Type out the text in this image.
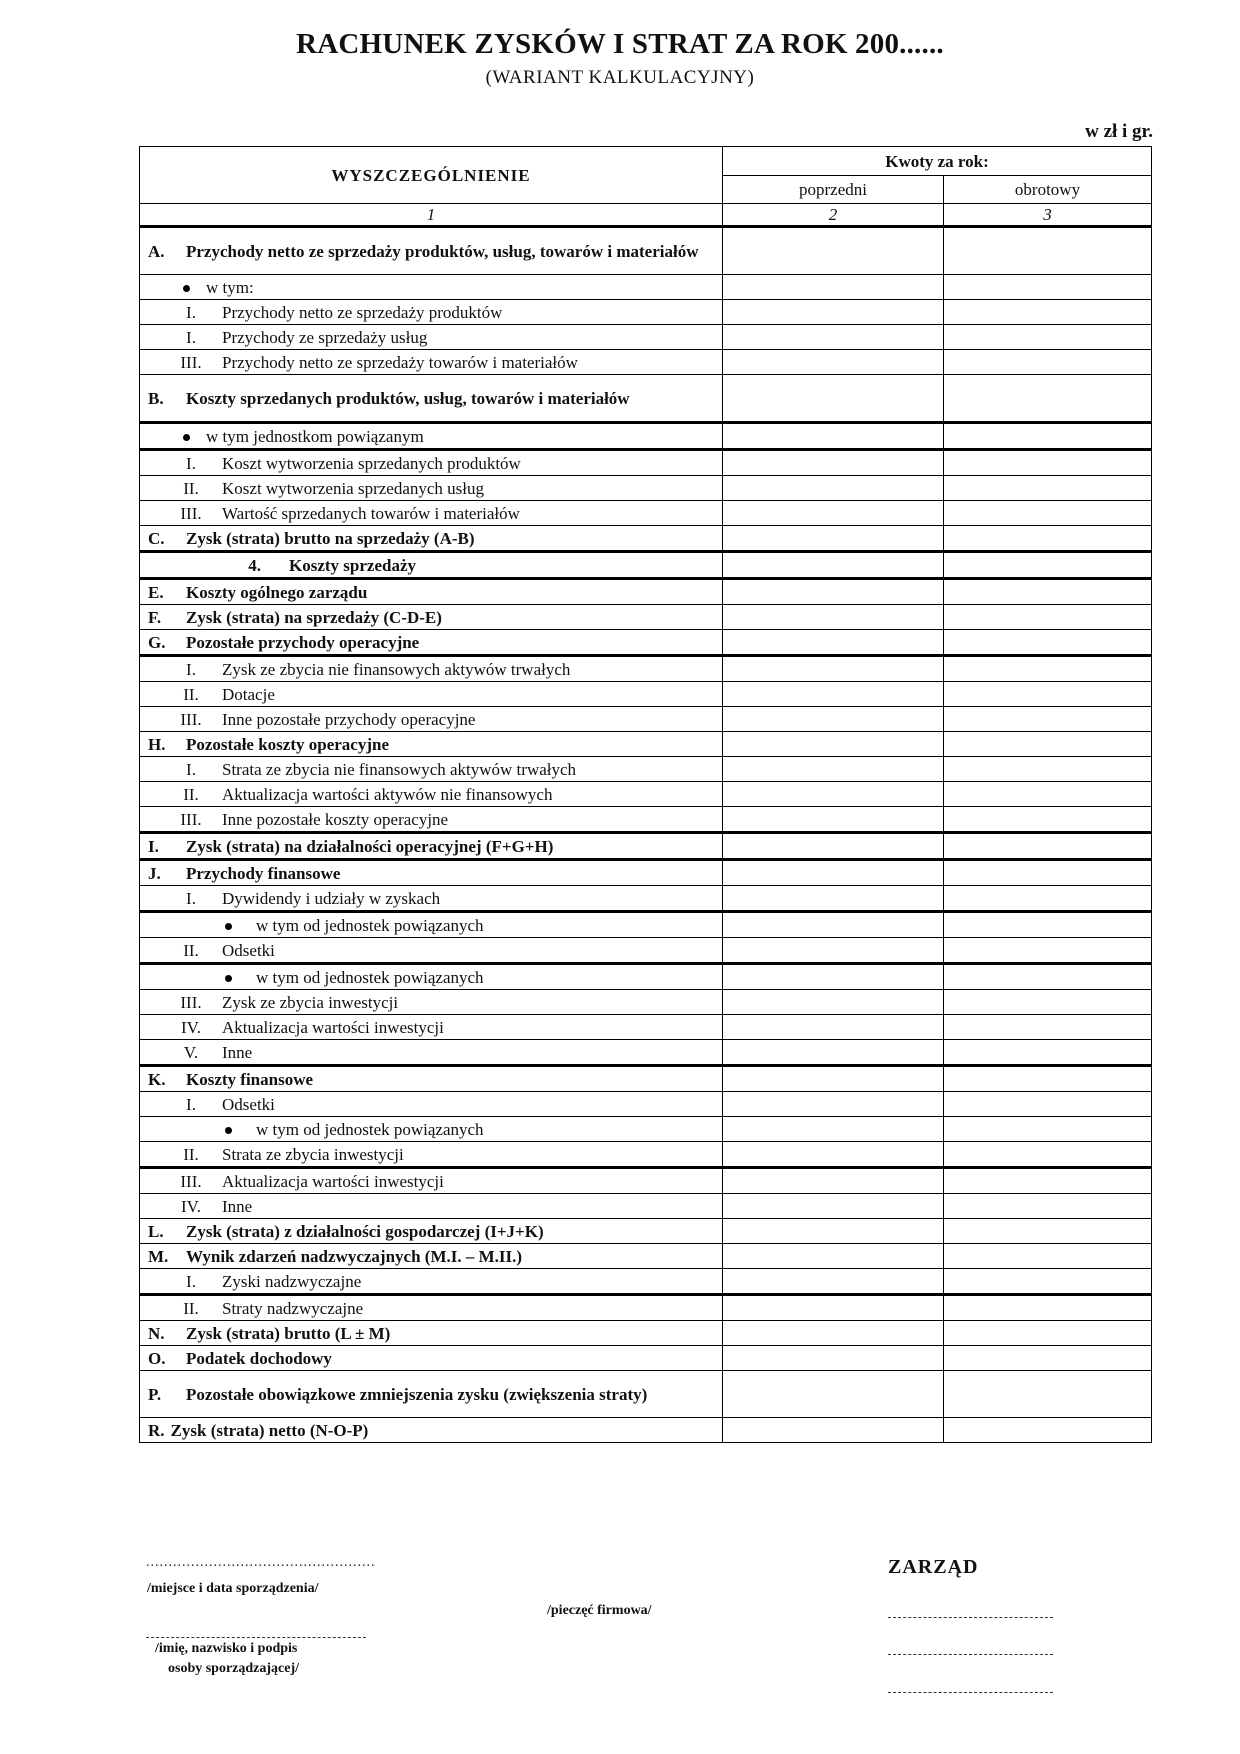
RACHUNEK ZYSKÓW I STRAT ZA ROK 200......
(WARIANT KALKULACYJNY)
w zł i gr.
WYSZCZEGÓLNIENIE	Kwoty za rok:	
	poprzedni	obrotowy
1	2	3

A. Przychody netto ze sprzedaży produktów, usług, towarów i materiałów		

w tym:		

I. Przychody netto ze sprzedaży produktów		

I. Przychody ze sprzedaży usług		

III. Przychody netto ze sprzedaży towarów i materiałów		

B. Koszty sprzedanych produktów, usług, towarów i materiałów		

w tym jednostkom powiązanym		

I. Koszt wytworzenia sprzedanych produktów		

II. Koszt wytworzenia sprzedanych usług		

III. Wartość sprzedanych towarów i materiałów		

C. Zysk (strata) brutto na sprzedaży (A-B)		

4. Koszty sprzedaży		

E. Koszty ogólnego zarządu		

F. Zysk (strata) na sprzedaży (C-D-E)		

G. Pozostałe przychody operacyjne		

I. Zysk ze zbycia nie finansowych aktywów trwałych		

II. Dotacje		

III. Inne pozostałe przychody operacyjne		

H. Pozostałe koszty operacyjne		

I. Strata ze zbycia nie finansowych aktywów trwałych		

II. Aktualizacja wartości aktywów nie finansowych		

III. Inne pozostałe koszty operacyjne		

I. Zysk (strata) na działalności operacyjnej (F+G+H)		

J. Przychody finansowe		

I. Dywidendy i udziały w zyskach		

w tym od jednostek powiązanych		

II. Odsetki		

w tym od jednostek powiązanych		

III. Zysk ze zbycia inwestycji		

IV. Aktualizacja wartości inwestycji		

V. Inne		

K. Koszty finansowe		

I. Odsetki		

w tym od jednostek powiązanych		

II. Strata ze zbycia inwestycji		

III. Aktualizacja wartości inwestycji		

IV. Inne		

L. Zysk (strata) z działalności gospodarczej (I+J+K)		

M. Wynik zdarzeń nadzwyczajnych (M.I. – M.II.)		

I. Zyski nadzwyczajne		

II. Straty nadzwyczajne		

N. Zysk (strata) brutto (L ± M)		

O. Podatek dochodowy		

P. Pozostałe obowiązkowe zmniejszenia zysku (zwiększenia straty)		

R. Zysk (strata) netto (N-O-P)		

...................................................
/miejsce i data sporządzenia/
/imię, nazwisko i podpis
osoby sporządzającej/
/pieczęć firmowa/
ZARZĄD
